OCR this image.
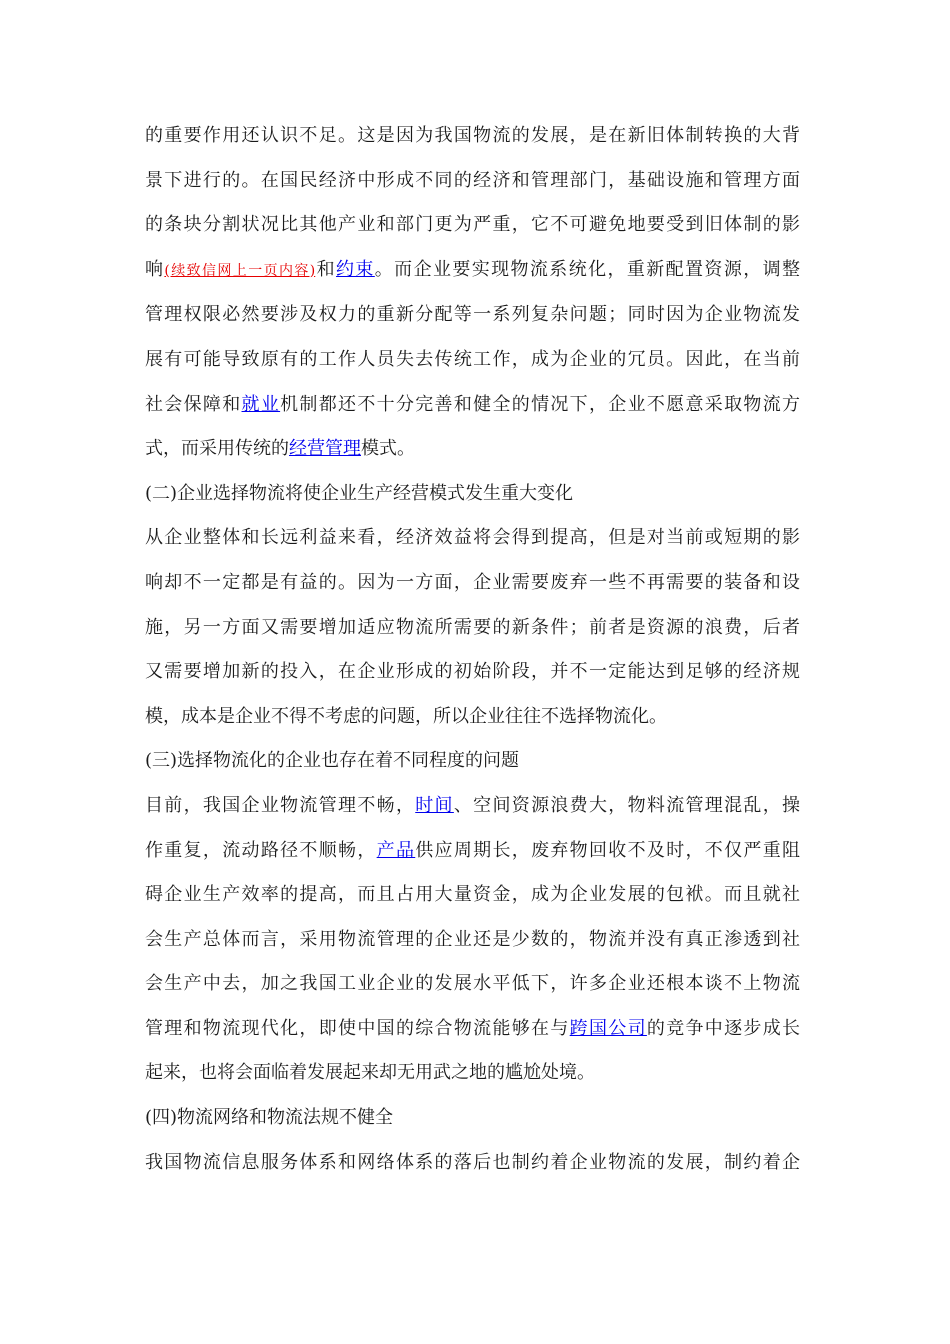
的重要作用还认识不足。这是因为我国物流的发展，是在新旧体制转换的大背
景下进行的。在国民经济中形成不同的经济和管理部门，基础设施和管理方面
的条块分割状况比其他产业和部门更为严重，它不可避免地要受到旧体制的影
响(续致信网上一页内容)和约束。而企业要实现物流系统化，重新配置资源，调整
管理权限必然要涉及权力的重新分配等一系列复杂问题；同时因为企业物流发
展有可能导致原有的工作人员失去传统工作，成为企业的冗员。因此，在当前
社会保障和就业机制都还不十分完善和健全的情况下，企业不愿意采取物流方
式，而采用传统的经营管理模式。

(二)企业选择物流将使企业生产经营模式发生重大变化

从企业整体和长远利益来看，经济效益将会得到提高，但是对当前或短期的影
响却不一定都是有益的。因为一方面，企业需要废弃一些不再需要的装备和设
施，另一方面又需要增加适应物流所需要的新条件；前者是资源的浪费，后者
又需要增加新的投入，在企业形成的初始阶段，并不一定能达到足够的经济规
模，成本是企业不得不考虑的问题，所以企业往往不选择物流化。

(三)选择物流化的企业也存在着不同程度的问题

目前，我国企业物流管理不畅，时间、空间资源浪费大，物料流管理混乱，操
作重复，流动路径不顺畅，产品供应周期长，废弃物回收不及时，不仅严重阻
碍企业生产效率的提高，而且占用大量资金，成为企业发展的包袱。而且就社
会生产总体而言，采用物流管理的企业还是少数的，物流并没有真正渗透到社
会生产中去，加之我国工业企业的发展水平低下，许多企业还根本谈不上物流
管理和物流现代化，即使中国的综合物流能够在与跨国公司的竞争中逐步成长
起来，也将会面临着发展起来却无用武之地的尴尬处境。

(四)物流网络和物流法规不健全

我国物流信息服务体系和网络体系的落后也制约着企业物流的发展，制约着企
